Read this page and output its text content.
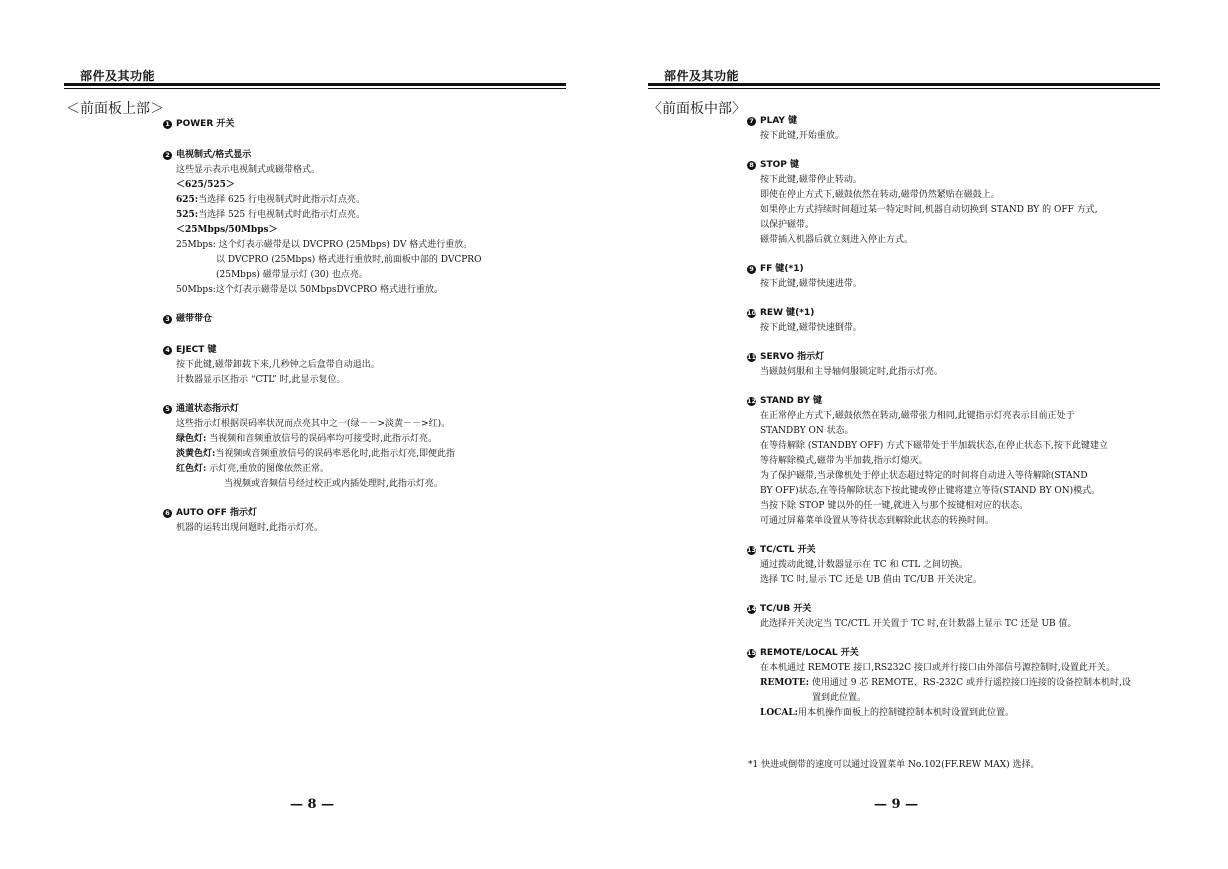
部件及其功能
＜前面板上部＞
1 POWER 开关
2 电视制式/格式显示
这些显示表示电视制式或磁带格式。
＜625/525＞
625:当选择 625 行电视制式时此指示灯点亮。
525:当选择 525 行电视制式时此指示灯点亮。
＜25Mbps/50Mbps＞
25Mbps: 这个灯表示磁带是以 DVCPRO (25Mbps) DV 格式进行重放。
以 DVCPRO (25Mbps) 格式进行重放时,前面板中部的 DVCPRO
(25Mbps) 磁带显示灯 (30) 也点亮。
50Mbps:这个灯表示磁带是以 50MbpsDVCPRO 格式进行重放。
3 磁带带仓
4 EJECT 键
按下此键,磁带卸载下来,几秒钟之后盒带自动退出。
计数器显示区指示 “CTL” 时,此显示复位。
5 通道状态指示灯
这些指示灯根据误码率状况而点亮其中之一(绿－－>淡黄－－>红)。
绿色灯: 当视频和音频重放信号的误码率均可接受时,此指示灯亮。
淡黄色灯:当视频或音频重放信号的误码率恶化时,此指示灯亮,即便此指
红色灯: 示灯亮,重放的图像依然正常。
当视频或音频信号经过校正或内插处理时,此指示灯亮。
6 AUTO OFF 指示灯
机器的运转出现问题时,此指示灯亮。
— 8 —
部件及其功能
〈前面板中部〉
7 PLAY 键
按下此键,开始重放。
8 STOP 键
按下此键,磁带停止转动。
即使在停止方式下,磁鼓依然在转动,磁带仍然紧贴在磁鼓上。
如果停止方式持续时间超过某一特定时间,机器自动切换到 STAND BY 的 OFF 方式,
以保护磁带。
磁带插入机器后就立刻进入停止方式。
9 FF 键(*1)
按下此键,磁带快速进带。
10 REW 键(*1)
按下此键,磁带快速倒带。
11 SERVO 指示灯
当磁鼓伺服和主导轴伺服锁定时,此指示灯亮。
12 STAND BY 键
在正常停止方式下,磁鼓依然在转动,磁带张力相同,此键指示灯亮表示目前正处于
STANDBY ON 状态。
在等待解除 (STANDBY OFF) 方式下磁带处于半加载状态,在停止状态下,按下此键建立
等待解除模式,磁带为半加载,指示灯熄灭。
为了保护磁带,当录像机处于停止状态超过特定的时间将自动进入等待解除(STAND
BY OFF)状态,在等待解除状态下按此键或停止键将建立等待(STAND BY ON)模式。
当按下除 STOP 键以外的任一键,就进入与那个按键相对应的状态。
可通过屏幕菜单设置从等待状态到解除此状态的转换时间。
13 TC/CTL 开关
通过拨动此键,计数器显示在 TC 和 CTL 之间切换。
选择 TC 时,显示 TC 还是 UB 值由 TC/UB 开关决定。
14 TC/UB 开关
此选择开关决定当 TC/CTL 开关置于 TC 时,在计数器上显示 TC 还是 UB 值。
15 REMOTE/LOCAL 开关
在本机通过 REMOTE 接口,RS232C 接口或并行接口由外部信号源控制时,设置此开关。
REMOTE: 使用通过 9 芯 REMOTE、RS-232C 或并行遥控接口连接的设备控制本机时,设
置到此位置。
LOCAL:用本机操作面板上的控制键控制本机时设置到此位置。
*1 快进或倒带的速度可以通过设置菜单 No.102(FF.REW MAX) 选择。
— 9 —
